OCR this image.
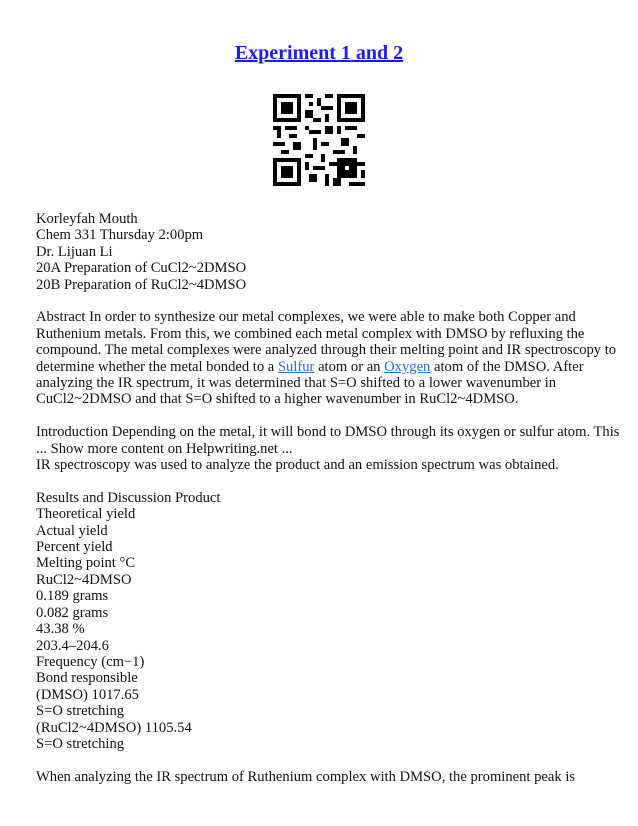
Experiment 1 and 2
Korleyfah Mouth
Chem 331 Thursday 2:00pm
Dr. Lijuan Li
20A Preparation of CuCl2~2DMSO
20B Preparation of RuCl2~4DMSO
Abstract In order to synthesize our metal complexes, we were able to make both Copper and
Ruthenium metals. From this, we combined each metal complex with DMSO by refluxing the
compound. The metal complexes were analyzed through their melting point and IR spectroscopy to
determine whether the metal bonded to a Sulfur atom or an Oxygen atom of the DMSO. After
analyzing the IR spectrum, it was determined that S=O shifted to a lower wavenumber in
CuCl2~2DMSO and that S=O shifted to a higher wavenumber in RuCl2~4DMSO.
Introduction Depending on the metal, it will bond to DMSO through its oxygen or sulfur atom. This
... Show more content on Helpwriting.net ...
IR spectroscopy was used to analyze the product and an emission spectrum was obtained.
Results and Discussion Product
Theoretical yield
Actual yield
Percent yield
Melting point °C
RuCl2~4DMSO
0.189 grams
0.082 grams
43.38 %
203.4–204.6
Frequency (cm−1)
Bond responsible
(DMSO) 1017.65
S=O stretching
(RuCl2~4DMSO) 1105.54
S=O stretching
When analyzing the IR spectrum of Ruthenium complex with DMSO, the prominent peak is
